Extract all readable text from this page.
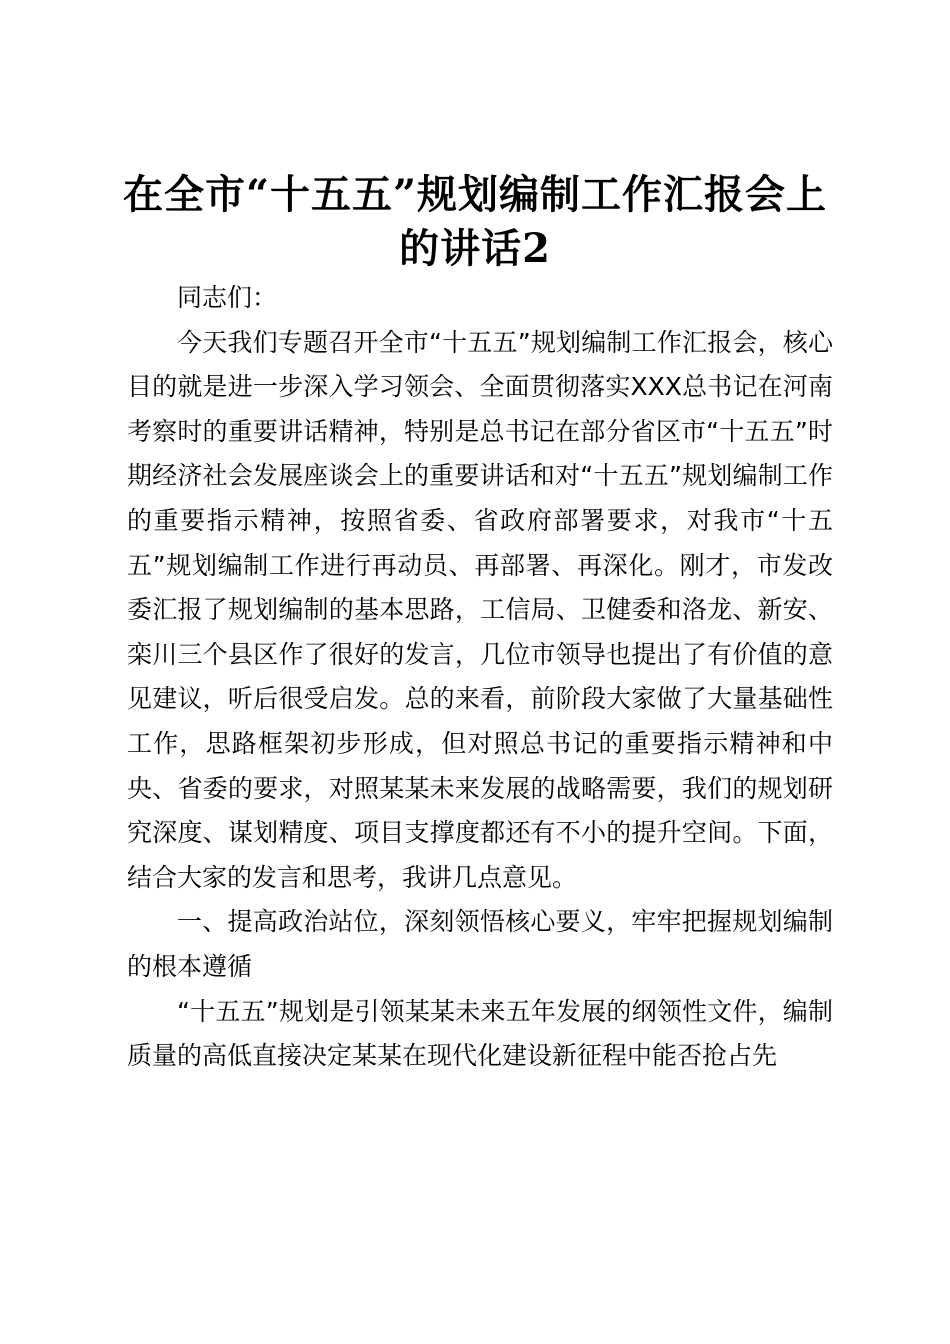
在全市“十五五”规划编制工作汇报会上的讲话2

同志们：

今天我们专题召开全市“十五五”规划编制工作汇报会，核心目的就是进一步深入学习领会、全面贯彻落实XXX总书记在河南考察时的重要讲话精神，特别是总书记在部分省区市“十五五”时期经济社会发展座谈会上的重要讲话和对“十五五”规划编制工作的重要指示精神，按照省委、省政府部署要求，对我市“十五五”规划编制工作进行再动员、再部署、再深化。刚才，市发改委汇报了规划编制的基本思路，工信局、卫健委和洛龙、新安、栾川三个县区作了很好的发言，几位市领导也提出了有价值的意见建议，听后很受启发。总的来看，前阶段大家做了大量基础性工作，思路框架初步形成，但对照总书记的重要指示精神和中央、省委的要求，对照某某未来发展的战略需要，我们的规划研究深度、谋划精度、项目支撑度都还有不小的提升空间。下面，结合大家的发言和思考，我讲几点意见。

一、提高政治站位，深刻领悟核心要义，牢牢把握规划编制的根本遵循

“十五五”规划是引领某某未来五年发展的纲领性文件，编制质量的高低直接决定某某在现代化建设新征程中能否抢占先
